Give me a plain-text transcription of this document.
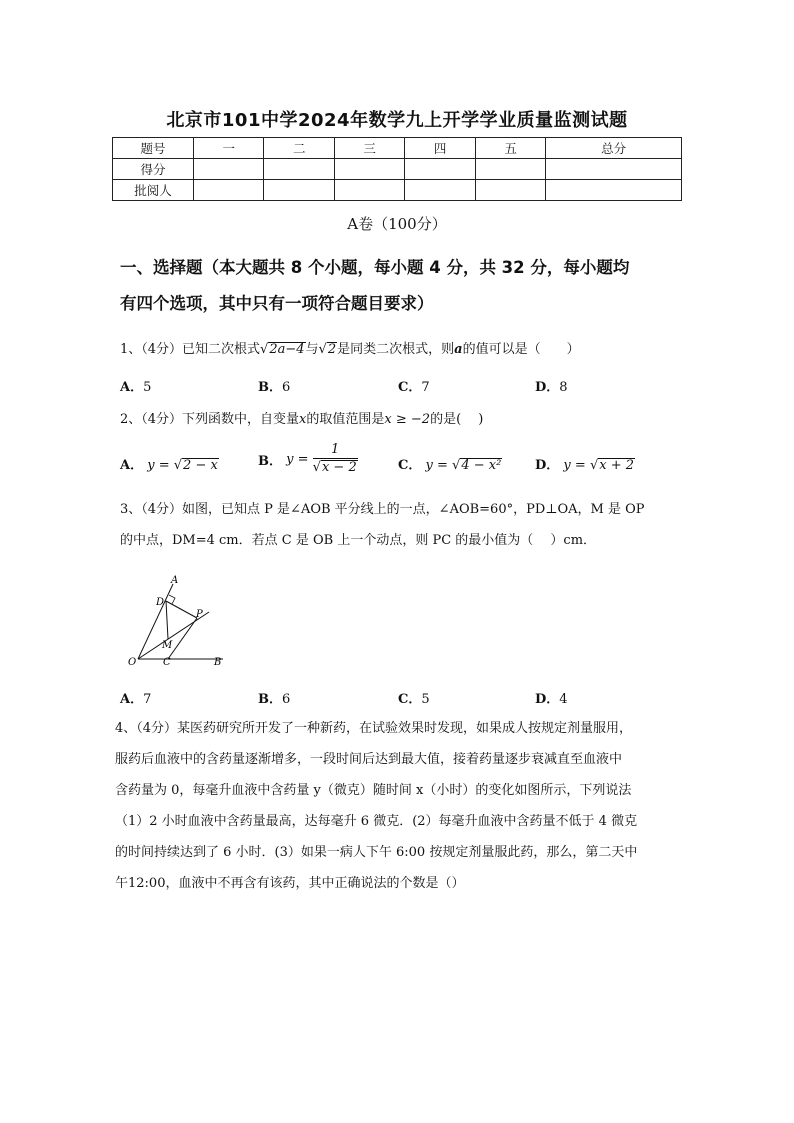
北京市101中学2024年数学九上开学学业质量监测试题
题号	一	二	三	四	五	总分
得分						
批阅人						
A卷（100分）
一、选择题（本大题共 8 个小题，每小题 4 分，共 32 分，每小题均
有四个选项，其中只有一项符合题目要求）
1、（4分）已知二次根式√2a−4与√2是同类二次根式，则a的值可以是（　　）
A．5	B．6	C．7	D．8
2、（4分）下列函数中，自变量x的取值范围是x ≥ −2的是(　 )
A． y = √2 − x	B． $y = \frac{1}{√x - 2}$	C． y = √4 − x²	D． y = √x + 2
3、（4分）如图，已知点 P 是∠AOB 平分线上的一点，∠AOB=60°，PD⊥OA，M 是 OP
的中点，DM=4 cm．若点 C 是 OB 上一个动点，则 PC 的最小值为（　 ）cm．
A
D
P
M
O	C	B
A．7	B．6	C．5	D．4
4、（4分）某医药研究所开发了一种新药，在试验效果时发现，如果成人按规定剂量服用，
服药后血液中的含药量逐渐增多，一段时间后达到最大值，接着药量逐步衰减直至血液中
含药量为 0，每毫升血液中含药量 y（微克）随时间 x（小时）的变化如图所示，下列说法
（1）2 小时血液中含药量最高，达每毫升 6 微克．(2）每毫升血液中含药量不低于 4 微克
的时间持续达到了 6 小时．(3）如果一病人下午 6:00 按规定剂量服此药，那么，第二天中
午12:00，血液中不再含有该药，其中正确说法的个数是（）
